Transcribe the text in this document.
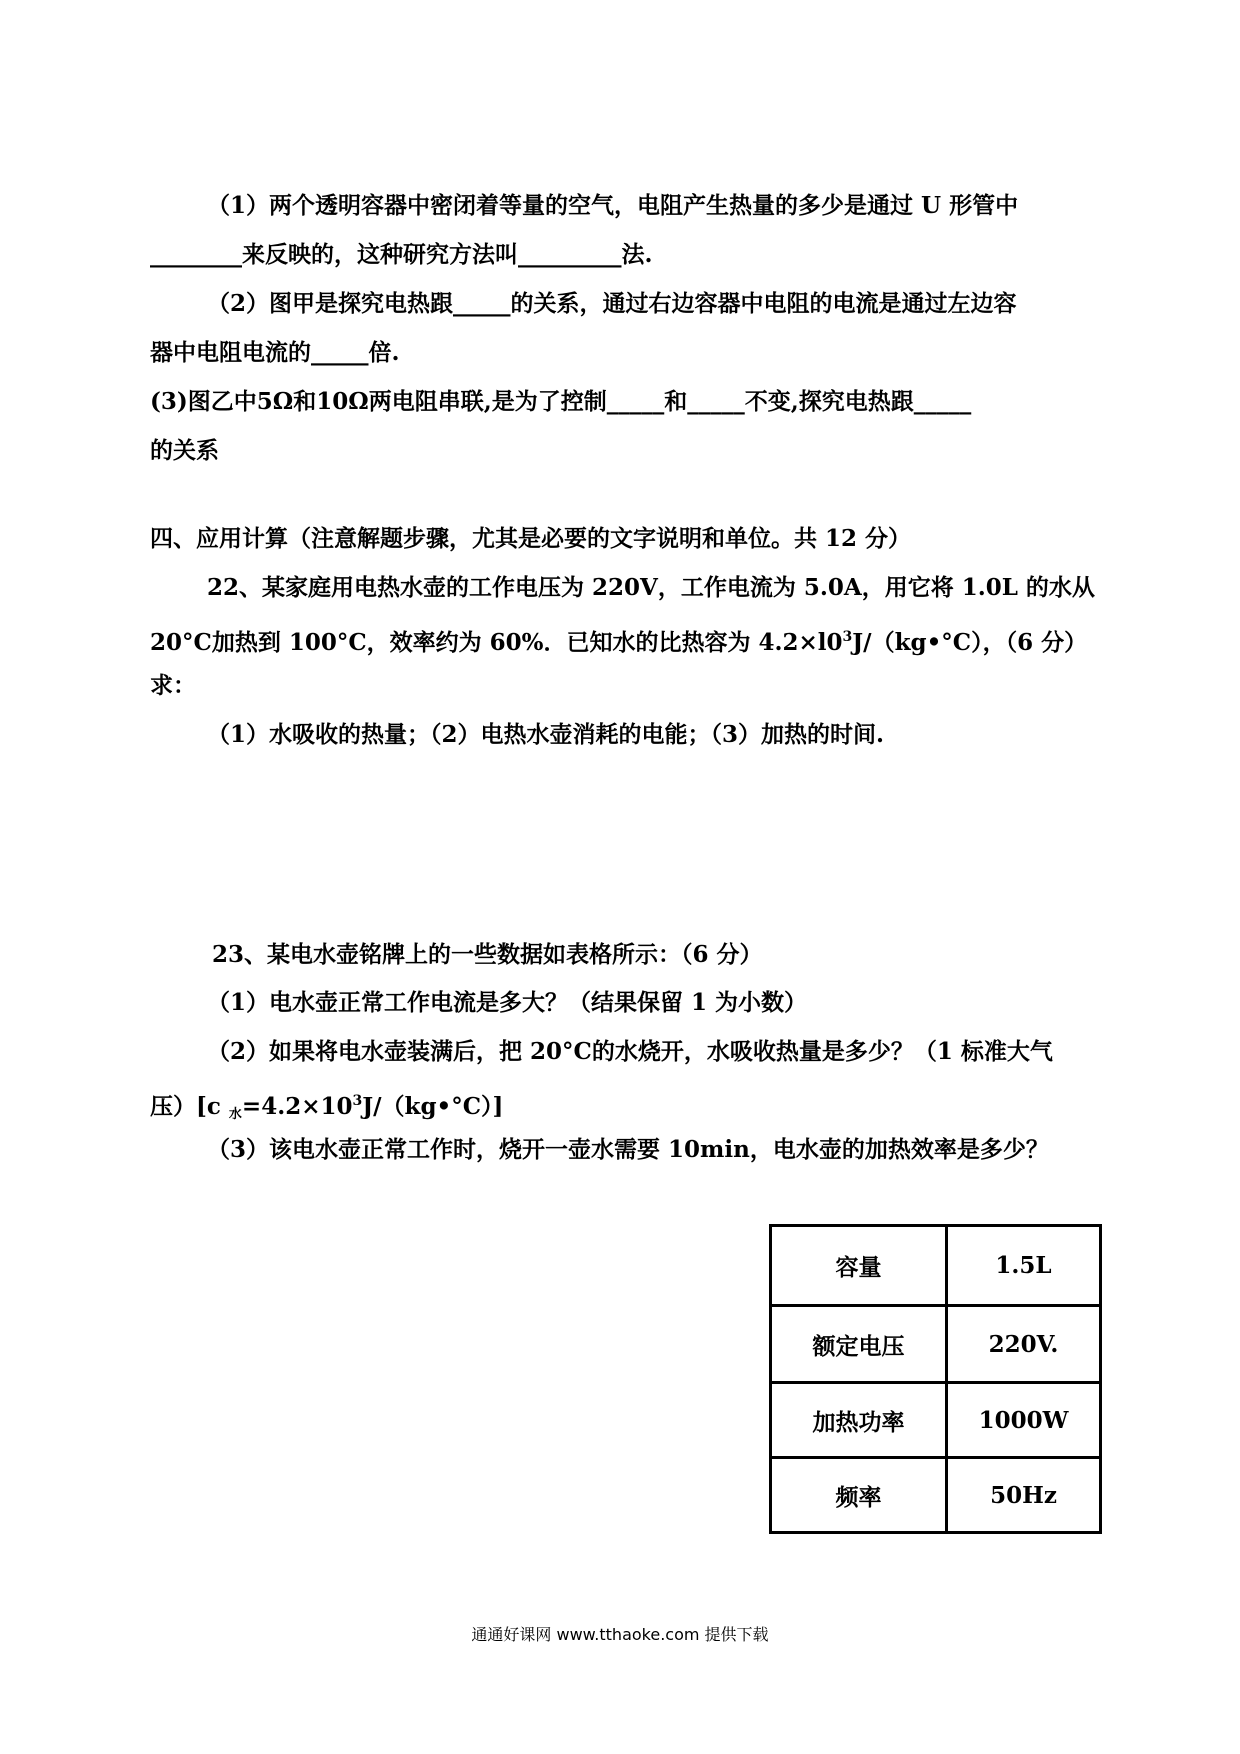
（1）两个透明容器中密闭着等量的空气，电阻产生热量的多少是通过 U 形管中
________来反映的，这种研究方法叫_________法.
（2）图甲是探究电热跟_____的关系，通过右边容器中电阻的电流是通过左边容
器中电阻电流的_____倍.
(3)图乙中5Ω和10Ω两电阻串联,是为了控制_____和_____不变,探究电热跟_____
的关系
四、应用计算（注意解题步骤，尤其是必要的文字说明和单位。共 12 分）
22、某家庭用电热水壶的工作电压为 220V，工作电流为 5.0A，用它将 1.0L 的水从
20°C加热到 100°C，效率约为 60%．已知水的比热容为 $4.2\times l0^3J/(kg•^\circ C)$，（6 分）
求：
（1）水吸收的热量；（2）电热水壶消耗的电能；（3）加热的时间.
23、某电水壶铭牌上的一些数据如表格所示：（6 分）
（1）电水壶正常工作电流是多大？（结果保留 1 为小数）
（2）如果将电水壶装满后，把 20°C的水烧开，水吸收热量是多少？（1 标准大气
压）[c $_水=4.2\times 10^3J/(kg•^\circ C)$]
（3）该电水壶正常工作时，烧开一壶水需要 10min，电水壶的加热效率是多少？
容量	1.5L
额定电压	220V.
加热功率	1000W
频率	50Hz
通通好课网 www.tthaoke.com 提供下载
